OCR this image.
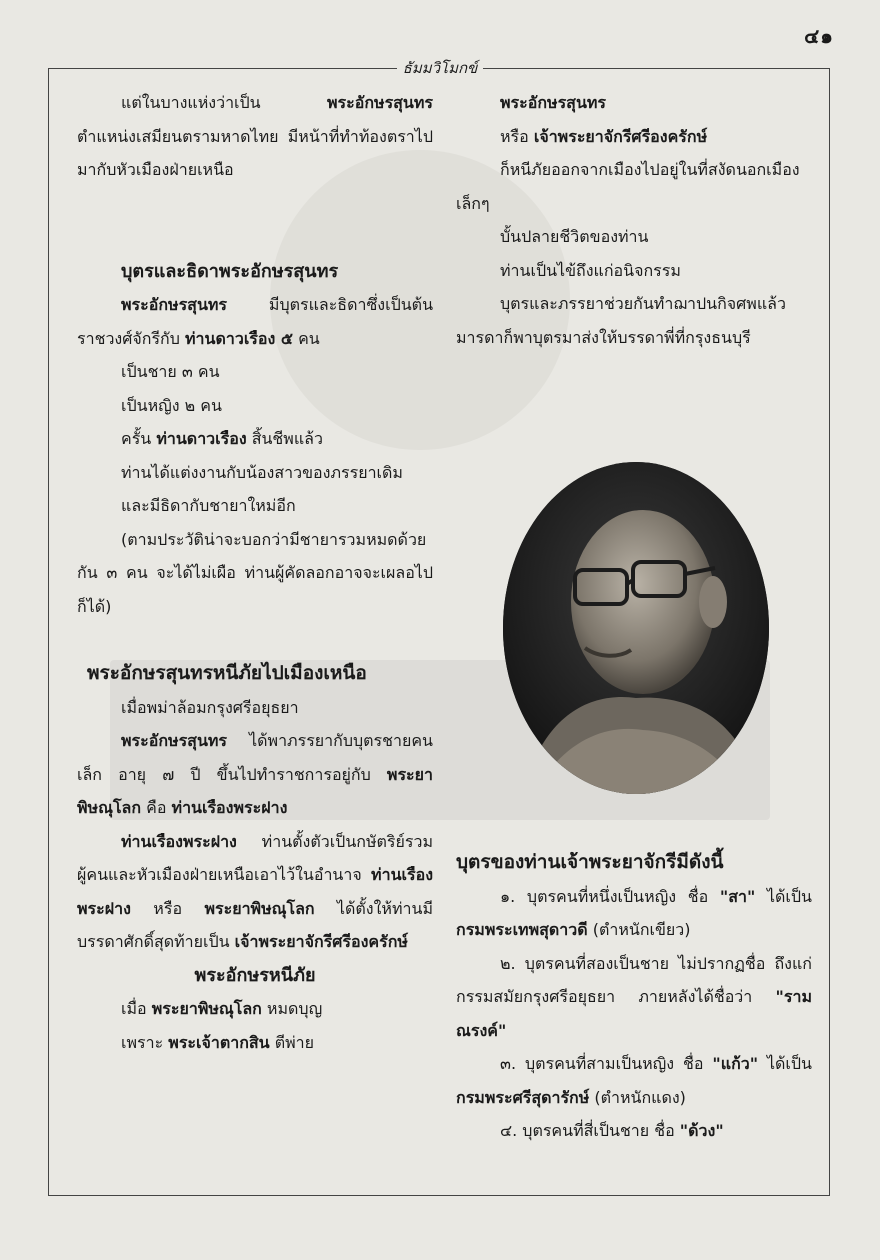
๔๑
ธัมมวิโมกข์

แต่ในบางแห่งว่าเป็น พระอักษรสุนทร ตำแหน่งเสมียนตรามหาดไทย มีหน้าที่ทำท้องตราไปมากับหัวเมืองฝ่ายเหนือ

บุตรและธิดาพระอักษรสุนทร

พระอักษรสุนทร มีบุตรและธิดาซึ่งเป็นต้นราชวงศ์จักรีกับ ท่านดาวเรือง ๕ คน

เป็นชาย ๓ คน

เป็นหญิง ๒ คน

ครั้น ท่านดาวเรือง สิ้นชีพแล้ว

ท่านได้แต่งงานกับน้องสาวของภรรยาเดิม

และมีธิดากับชายาใหม่อีก

(ตามประวัติน่าจะบอกว่ามีชายารวมหมดด้วยกัน ๓ คน จะได้ไม่เผือ ท่านผู้คัดลอกอาจจะเผลอไปก็ได้)

พระอักษรสุนทรหนีภัยไปเมืองเหนือ

เมื่อพม่าล้อมกรุงศรีอยุธยา

พระอักษรสุนทร ได้พาภรรยากับบุตรชายคนเล็ก อายุ ๗ ปี ขึ้นไปทำราชการอยู่กับ พระยาพิษณุโลก คือ ท่านเรืองพระฝาง

ท่านเรืองพระฝาง ท่านตั้งตัวเป็นกษัตริย์รวมผู้คนและหัวเมืองฝ่ายเหนือเอาไว้ในอำนาจ ท่านเรืองพระฝาง หรือ พระยาพิษณุโลก ได้ตั้งให้ท่านมีบรรดาศักดิ์สุดท้ายเป็น เจ้าพระยาจักรีศรีองครักษ์

พระอักษรหนีภัย

เมื่อ พระยาพิษณุโลก หมดบุญ

เพราะ พระเจ้าตากสิน ตีพ่าย

พระอักษรสุนทร

หรือ เจ้าพระยาจักรีศรีองครักษ์

ก็หนีภัยออกจากเมืองไปอยู่ในที่สงัดนอกเมืองเล็กๆ

บั้นปลายชีวิตของท่าน

ท่านเป็นไข้ถึงแก่อนิจกรรม

บุตรและภรรยาช่วยกันทำฌาปนกิจศพแล้ว มารดาก็พาบุตรมาส่งให้บรรดาพี่ที่กรุงธนบุรี

บุตรของท่านเจ้าพระยาจักรีมีดังนี้

๑. บุตรคนที่หนึ่งเป็นหญิง ชื่อ "สา" ได้เป็น กรมพระเทพสุดาวดี (ตำหนักเขียว)

๒. บุตรคนที่สองเป็นชาย ไม่ปรากฏชื่อ ถึงแก่กรรมสมัยกรุงศรีอยุธยา ภายหลังได้ชื่อว่า "รามณรงค์"

๓. บุตรคนที่สามเป็นหญิง ชื่อ "แก้ว" ได้เป็น กรมพระศรีสุดารักษ์ (ตำหนักแดง)

๔. บุตรคนที่สี่เป็นชาย ชื่อ "ด้วง"
